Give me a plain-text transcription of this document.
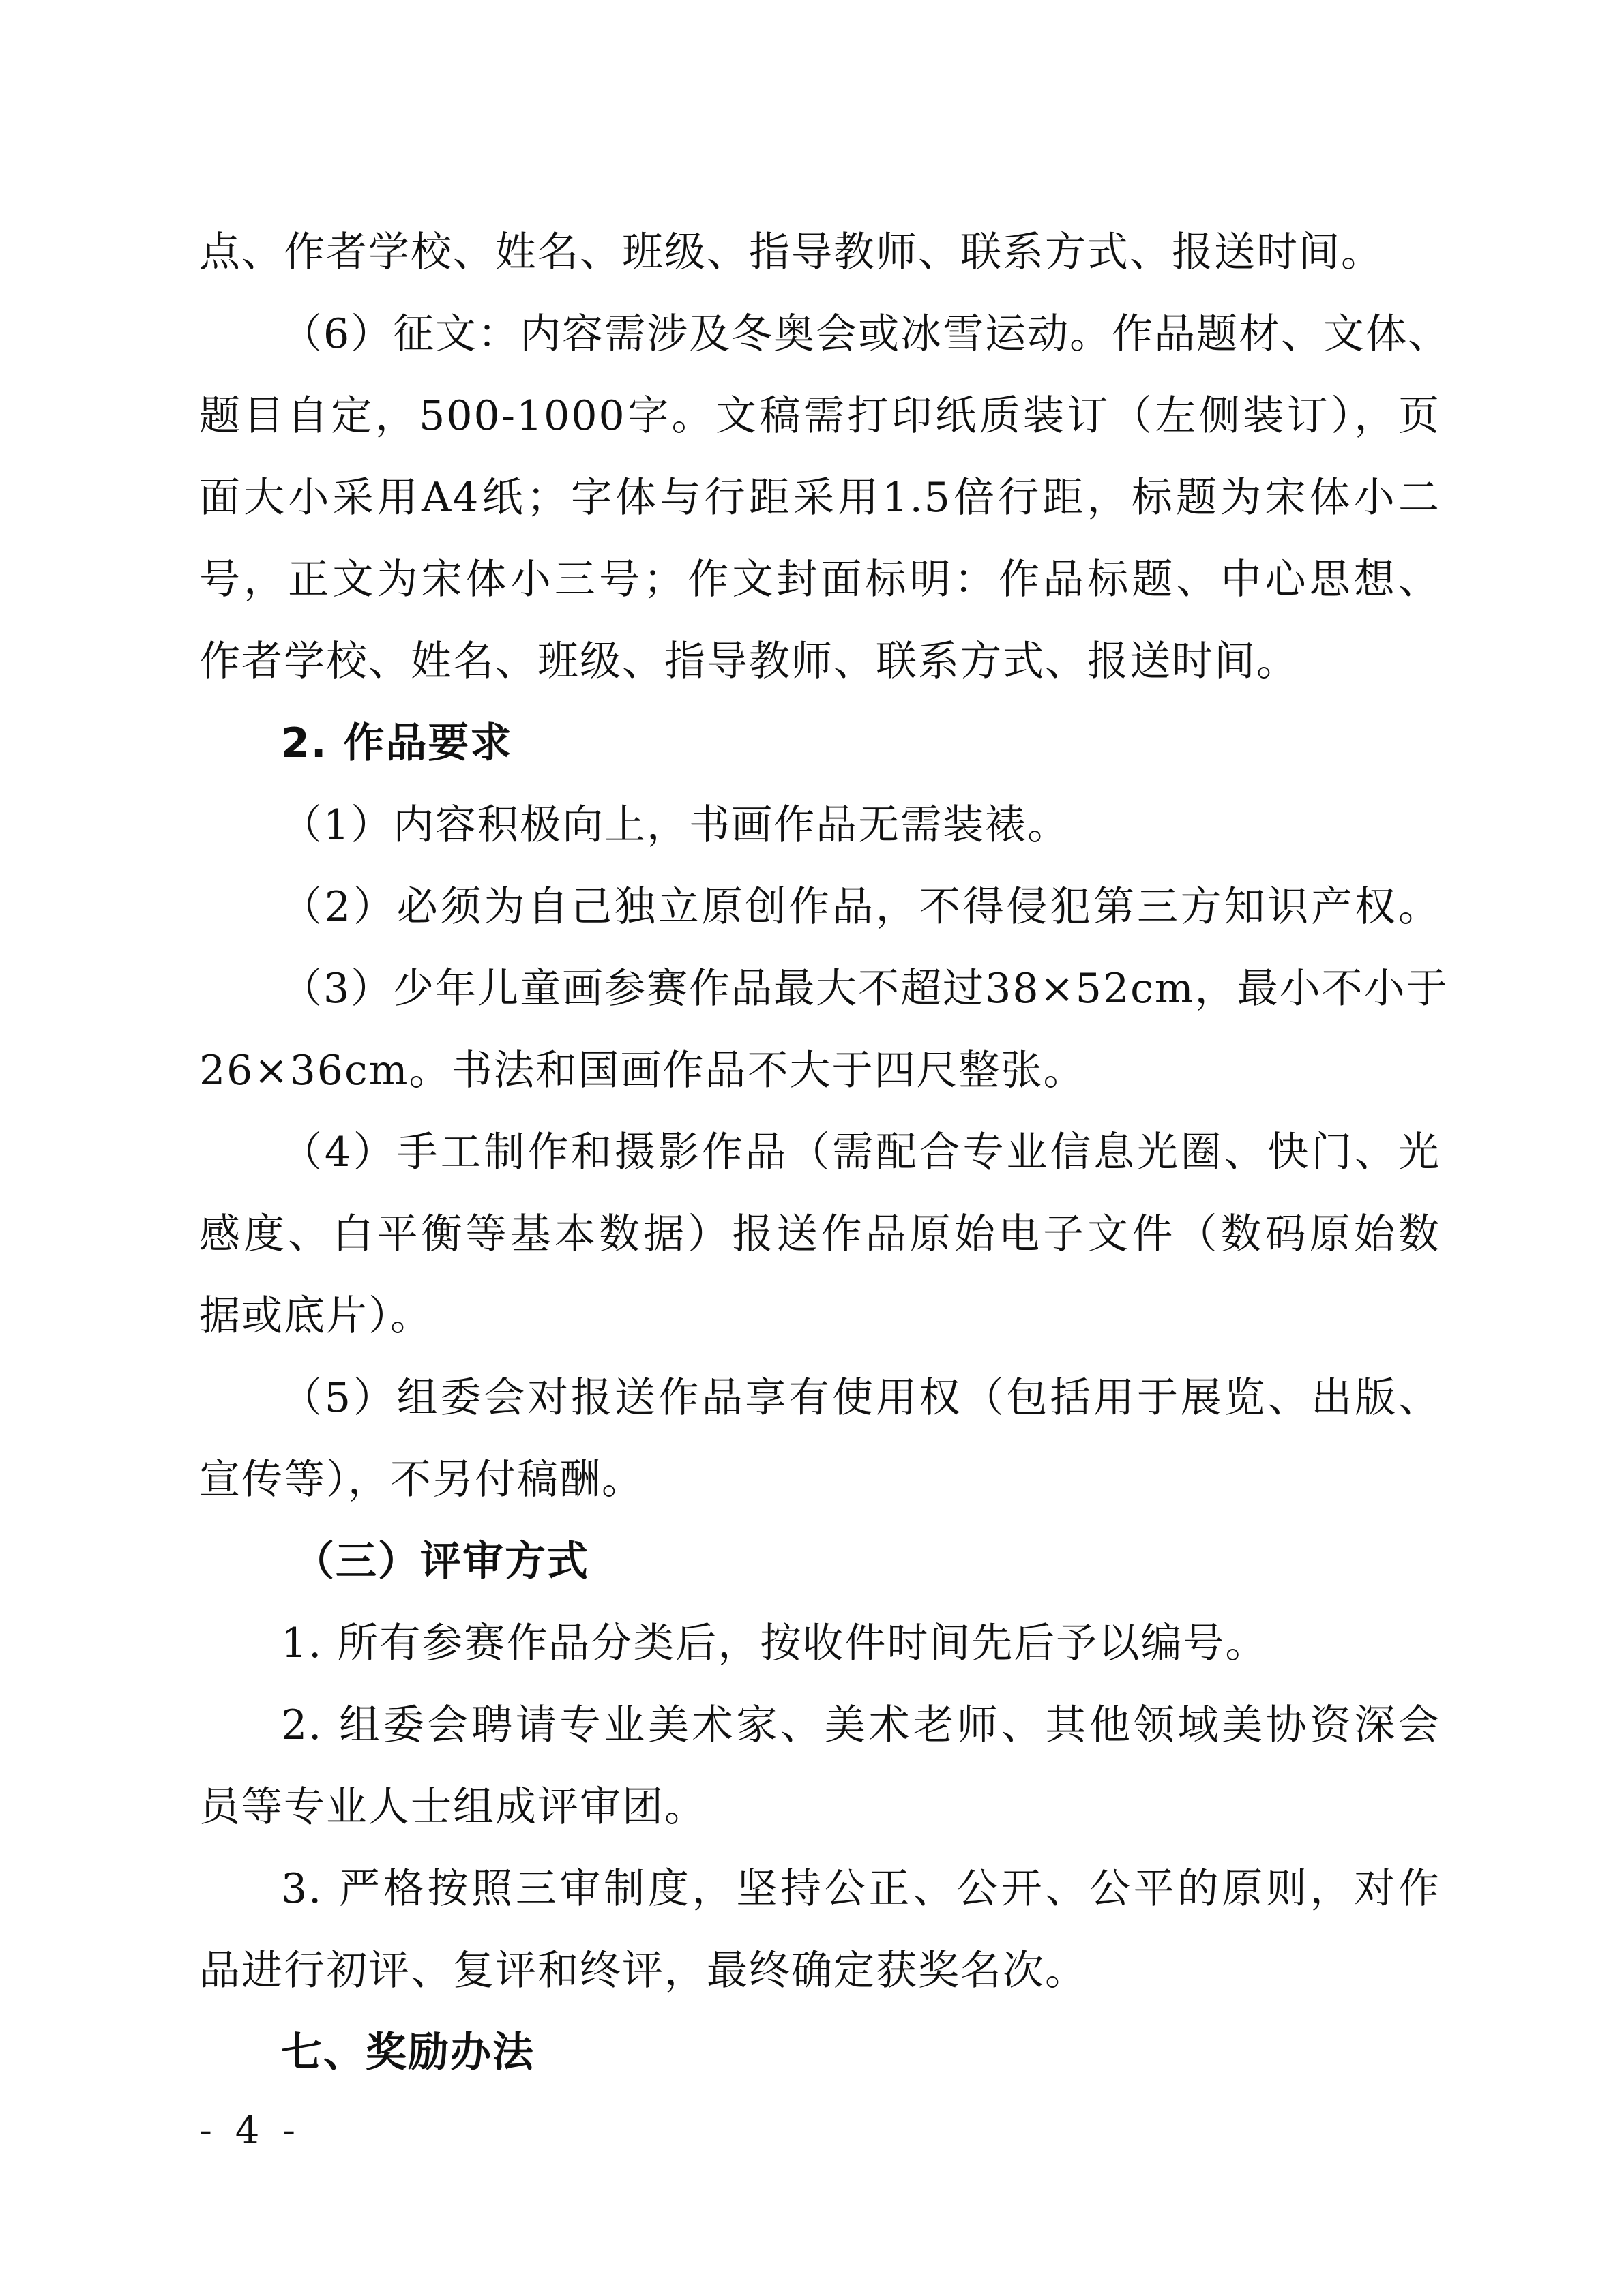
点、作者学校、姓名、班级、指导教师、联系方式、报送时间。
（6）征文：内容需涉及冬奥会或冰雪运动。作品题材、文体、
题目自定，500-1000字。文稿需打印纸质装订（左侧装订），页
面大小采用A4纸；字体与行距采用1.5倍行距，标题为宋体小二
号，正文为宋体小三号；作文封面标明：作品标题、中心思想、
作者学校、姓名、班级、指导教师、联系方式、报送时间。
2. 作品要求
（1）内容积极向上，书画作品无需装裱。
（2）必须为自己独立原创作品，不得侵犯第三方知识产权。
（3）少年儿童画参赛作品最大不超过38×52cm，最小不小于
26×36cm。书法和国画作品不大于四尺整张。
（4）手工制作和摄影作品（需配合专业信息光圈、快门、光
感度、白平衡等基本数据）报送作品原始电子文件（数码原始数
据或底片）。
（5）组委会对报送作品享有使用权（包括用于展览、出版、
宣传等），不另付稿酬。
（三）评审方式
1. 所有参赛作品分类后，按收件时间先后予以编号。
2. 组委会聘请专业美术家、美术老师、其他领域美协资深会
员等专业人士组成评审团。
3. 严格按照三审制度，坚持公正、公开、公平的原则，对作
品进行初评、复评和终评，最终确定获奖名次。
七、奖励办法
- 4 -
